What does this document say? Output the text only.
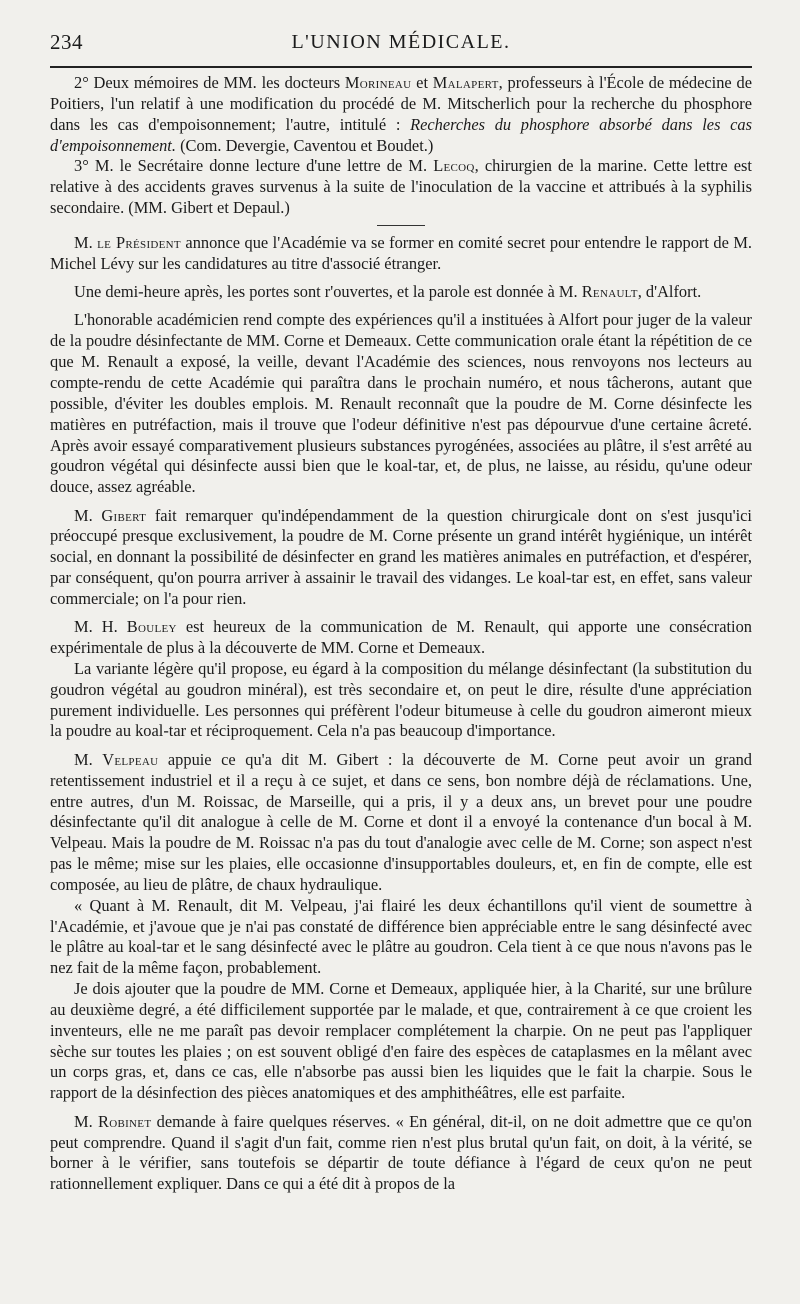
234	L'UNION MÉDICALE.

2° Deux mémoires de MM. les docteurs Morineau et Malapert, professeurs à l'École de médecine de Poitiers, l'un relatif à une modification du procédé de M. Mitscherlich pour la recherche du phosphore dans les cas d'empoisonnement; l'autre, intitulé : Recherches du phosphore absorbé dans les cas d'empoisonnement. (Com. Devergie, Caventou et Boudet.)

3° M. le Secrétaire donne lecture d'une lettre de M. Lecoq, chirurgien de la marine. Cette lettre est relative à des accidents graves survenus à la suite de l'inoculation de la vaccine et attribués à la syphilis secondaire. (MM. Gibert et Depaul.)

M. le Président annonce que l'Académie va se former en comité secret pour entendre le rapport de M. Michel Lévy sur les candidatures au titre d'associé étranger.

Une demi-heure après, les portes sont r'ouvertes, et la parole est donnée à M. Renault, d'Alfort.

L'honorable académicien rend compte des expériences qu'il a instituées à Alfort pour juger de la valeur de la poudre désinfectante de MM. Corne et Demeaux. Cette communication orale étant la répétition de ce que M. Renault a exposé, la veille, devant l'Académie des sciences, nous renvoyons nos lecteurs au compte-rendu de cette Académie qui paraîtra dans le prochain numéro, et nous tâcherons, autant que possible, d'éviter les doubles emplois. M. Renault reconnaît que la poudre de M. Corne désinfecte les matières en putréfaction, mais il trouve que l'odeur définitive n'est pas dépourvue d'une certaine âcreté. Après avoir essayé comparativement plusieurs substances pyrogénées, associées au plâtre, il s'est arrêté au goudron végétal qui désinfecte aussi bien que le koal-tar, et, de plus, ne laisse, au résidu, qu'une odeur douce, assez agréable.

M. Gibert fait remarquer qu'indépendamment de la question chirurgicale dont on s'est jusqu'ici préoccupé presque exclusivement, la poudre de M. Corne présente un grand intérêt hygiénique, un intérêt social, en donnant la possibilité de désinfecter en grand les matières animales en putréfaction, et d'espérer, par conséquent, qu'on pourra arriver à assainir le travail des vidanges. Le koal-tar est, en effet, sans valeur commerciale; on l'a pour rien.

M. H. Bouley est heureux de la communication de M. Renault, qui apporte une consécration expérimentale de plus à la découverte de MM. Corne et Demeaux.

La variante légère qu'il propose, eu égard à la composition du mélange désinfectant (la substitution du goudron végétal au goudron minéral), est très secondaire et, on peut le dire, résulte d'une appréciation purement individuelle. Les personnes qui préfèrent l'odeur bitumeuse à celle du goudron aimeront mieux la poudre au koal-tar et réciproquement. Cela n'a pas beaucoup d'importance.

M. Velpeau appuie ce qu'a dit M. Gibert : la découverte de M. Corne peut avoir un grand retentissement industriel et il a reçu à ce sujet, et dans ce sens, bon nombre déjà de réclamations. Une, entre autres, d'un M. Roissac, de Marseille, qui a pris, il y a deux ans, un brevet pour une poudre désinfectante qu'il dit analogue à celle de M. Corne et dont il a envoyé la contenance d'un bocal à M. Velpeau. Mais la poudre de M. Roissac n'a pas du tout d'analogie avec celle de M. Corne; son aspect n'est pas le même; mise sur les plaies, elle occasionne d'insupportables douleurs, et, en fin de compte, elle est composée, au lieu de plâtre, de chaux hydraulique.

« Quant à M. Renault, dit M. Velpeau, j'ai flairé les deux échantillons qu'il vient de soumettre à l'Académie, et j'avoue que je n'ai pas constaté de différence bien appréciable entre le sang désinfecté avec le plâtre au koal-tar et le sang désinfecté avec le plâtre au goudron. Cela tient à ce que nous n'avons pas le nez fait de la même façon, probablement.

Je dois ajouter que la poudre de MM. Corne et Demeaux, appliquée hier, à la Charité, sur une brûlure au deuxième degré, a été difficilement supportée par le malade, et que, contrairement à ce que croient les inventeurs, elle ne me paraît pas devoir remplacer complétement la charpie. On ne peut pas l'appliquer sèche sur toutes les plaies ; on est souvent obligé d'en faire des espèces de cataplasmes en la mêlant avec un corps gras, et, dans ce cas, elle n'absorbe pas aussi bien les liquides que le fait la charpie. Sous le rapport de la désinfection des pièces anatomiques et des amphithéâtres, elle est parfaite.

M. Robinet demande à faire quelques réserves. « En général, dit-il, on ne doit admettre que ce qu'on peut comprendre. Quand il s'agit d'un fait, comme rien n'est plus brutal qu'un fait, on doit, à la vérité, se borner à le vérifier, sans toutefois se départir de toute défiance à l'égard de ceux qu'on ne peut rationnellement expliquer. Dans ce qui a été dit à propos de la
